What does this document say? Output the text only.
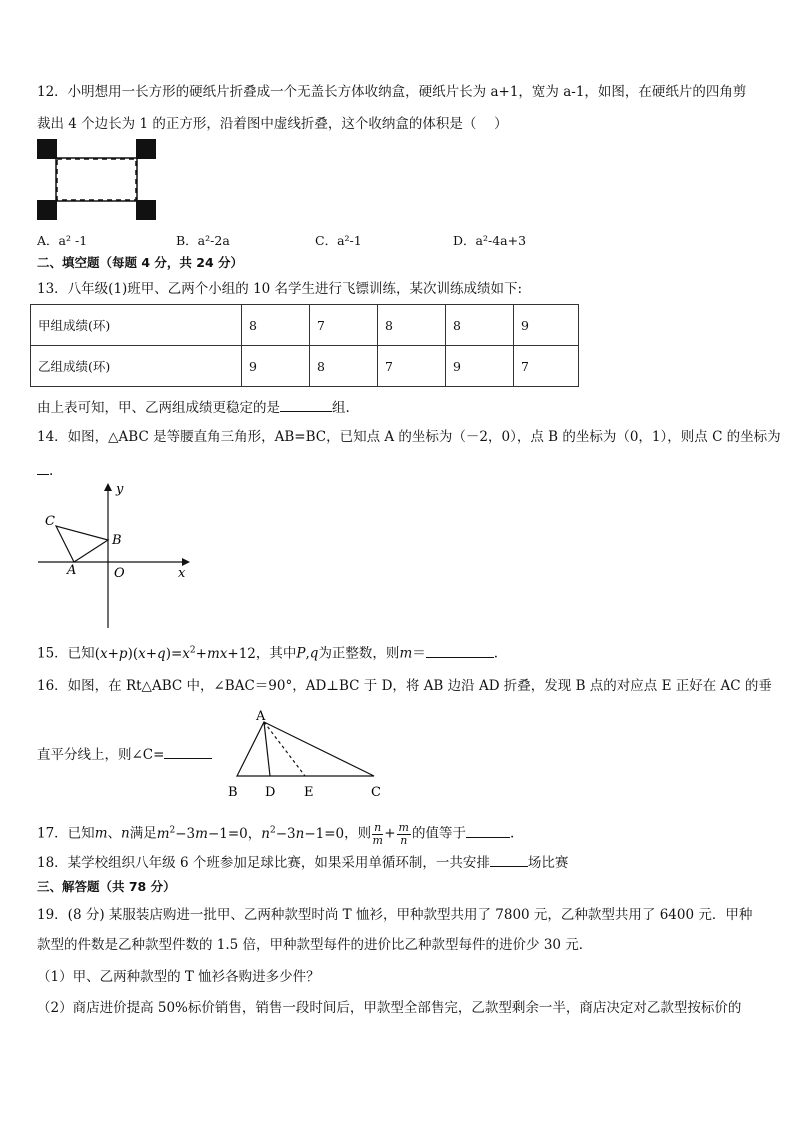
12．小明想用一长方形的硬纸片折叠成一个无盖长方体收纳盒，硬纸片长为 a+1，宽为 a-1，如图，在硬纸片的四角剪
裁出 4 个边长为 1 的正方形，沿着图中虚线折叠，这个收纳盒的体积是（　 ）
A．a² -1	B．a²-2a	C．a²-1	D．a²-4a+3
二、填空题（每题 4 分，共 24 分）
13．八年级(1)班甲、乙两个小组的 10 名学生进行飞镖训练，某次训练成绩如下:
甲组成绩(环)	8	7	8	8	9
乙组成绩(环)	9	8	7	9	7
由上表可知，甲、乙两组成绩更稳定的是	组.
14．如图，△ABC 是等腰直角三角形，AB=BC，已知点 A 的坐标为（－2，0），点 B 的坐标为（0，1），则点 C 的坐标为
.
y
x
C
B
A	O
15．已知$(x+p)(x+q)=x^2+mx+12$，其中P,q为正整数，则m＝	.
16．如图，在 Rt△ABC 中，∠BAC＝90°，AD⊥BC 于 D，将 AB 边沿 AD 折叠，发现 B 点的对应点 E 正好在 AC 的垂
直平分线上，则∠C=
A
B D E	C
17．已知m、n满足$m^2-3m-1=0$，$n^2-3n-1=0$，则 $\frac{n}{m} + \frac{m}{n}$ 的值等于	.
18．某学校组织八年级 6 个班参加足球比赛，如果采用单循环制，一共安排	场比赛
三、解答题（共 78 分）
19．(8 分) 某服装店购进一批甲、乙两种款型时尚 T 恤衫，甲种款型共用了 7800 元，乙种款型共用了 6400 元．甲种
款型的件数是乙种款型件数的 1.5 倍，甲种款型每件的进价比乙种款型每件的进价少 30 元．
（1）甲、乙两种款型的 T 恤衫各购进多少件？
（2）商店进价提高 50%标价销售，销售一段时间后，甲款型全部售完，乙款型剩余一半，商店决定对乙款型按标价的
